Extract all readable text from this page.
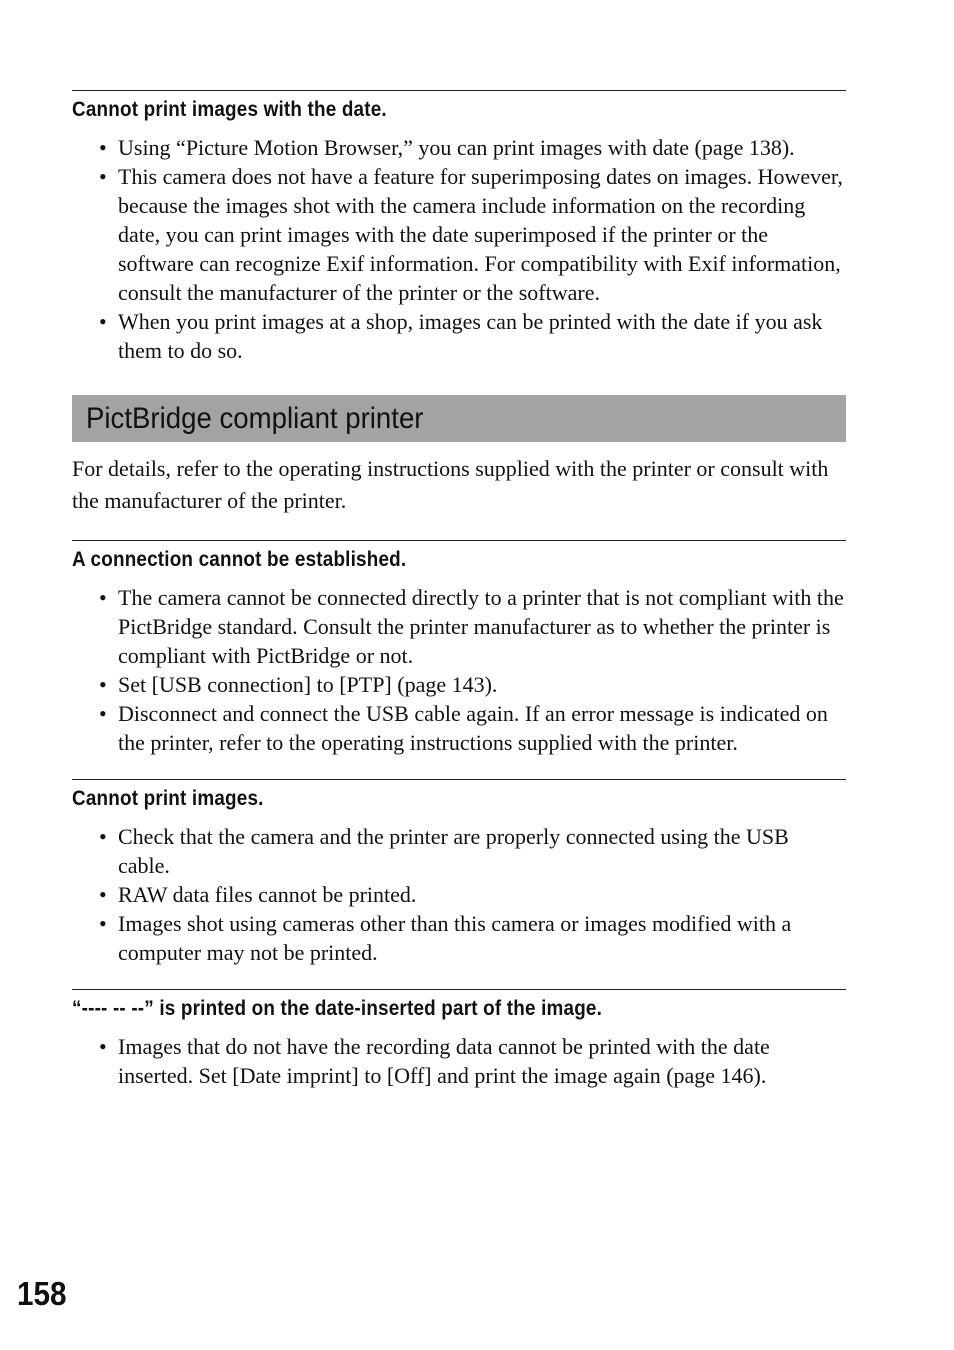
Cannot print images with the date.
• Using “Picture Motion Browser,” you can print images with date (page 138).
• This camera does not have a feature for superimposing dates on images. However, because the images shot with the camera include information on the recording date, you can print images with the date superimposed if the printer or the software can recognize Exif information. For compatibility with Exif information, consult the manufacturer of the printer or the software.
• When you print images at a shop, images can be printed with the date if you ask them to do so.
PictBridge compliant printer

For details, refer to the operating instructions supplied with the printer or consult with the manufacturer of the printer.

A connection cannot be established.
• The camera cannot be connected directly to a printer that is not compliant with the PictBridge standard. Consult the printer manufacturer as to whether the printer is compliant with PictBridge or not.
• Set [USB connection] to [PTP] (page 143).
• Disconnect and connect the USB cable again. If an error message is indicated on the printer, refer to the operating instructions supplied with the printer.
Cannot print images.
• Check that the camera and the printer are properly connected using the USB cable.
• RAW data files cannot be printed.
• Images shot using cameras other than this camera or images modified with a computer may not be printed.
“---- -- --” is printed on the date-inserted part of the image.
• Images that do not have the recording data cannot be printed with the date inserted. Set [Date imprint] to [Off] and print the image again (page 146).
158
